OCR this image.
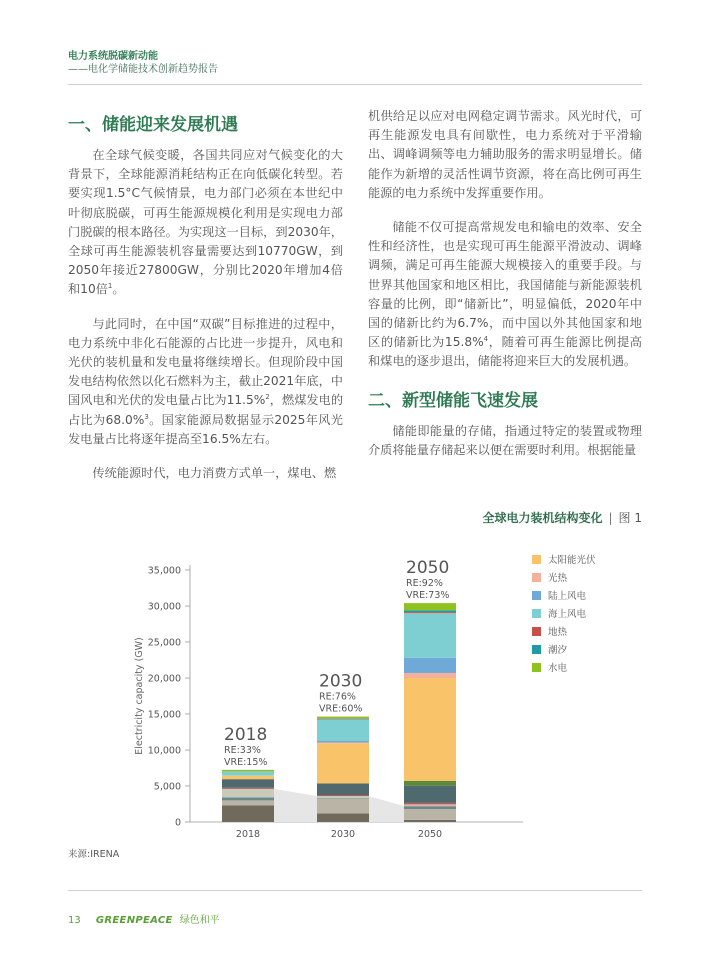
电力系统脱碳新动能
——电化学储能技术创新趋势报告
一、储能迎来发展机遇

在全球气候变暖，各国共同应对气候变化的大背景下，全球能源消耗结构正在向低碳化转型。若要实现1.5°C气候情景，电力部门必须在本世纪中叶彻底脱碳，可再生能源规模化利用是实现电力部门脱碳的根本路径。为实现这一目标，到2030年，全球可再生能源装机容量需要达到10770GW，到2050年接近27800GW，分别比2020年增加4倍和10倍$^1$。

与此同时，在中国“双碳”目标推进的过程中，电力系统中非化石能源的占比进一步提升，风电和光伏的装机量和发电量将继续增长。但现阶段中国发电结构依然以化石燃料为主，截止2021年底，中国风电和光伏的发电量占比为11.5%$^2$，燃煤发电的占比为68.0%$^3$。国家能源局数据显示2025年风光发电量占比将逐年提高至16.5%左右。

传统能源时代，电力消费方式单一，煤电、燃

机供给足以应对电网稳定调节需求。风光时代，可再生能源发电具有间歇性，电力系统对于平滑输出、调峰调频等电力辅助服务的需求明显增长。储能作为新增的灵活性调节资源，将在高比例可再生能源的电力系统中发挥重要作用。

储能不仅可提高常规发电和输电的效率、安全性和经济性，也是实现可再生能源平滑波动、调峰调频，满足可再生能源大规模接入的重要手段。与世界其他国家和地区相比，我国储能与新能源装机容量的比例，即“储新比”，明显偏低，2020年中国的储新比约为6.7%，而中国以外其他国家和地区的储新比为15.8%$^4$，随着可再生能源比例提高和煤电的逐步退出，储能将迎来巨大的发展机遇。

二、新型储能飞速发展

储能即能量的存储，指通过特定的装置或物理介质将能量存储起来以便在需要时利用。根据能量

全球电力装机结构变化 | 图 1
Electricity capacity (GW)
0
5,000
10,000
15,000
20,000
25,000
30,000
35,000
2018
2018
RE:33%
VRE:15%
2030
2030
RE:76%
VRE:60%
2050
2050
RE:92%
VRE:73%
太阳能光伏
光热
陆上风电
海上风电
地热
潮汐
水电
来源:IRENA
13 GREENPEACE 绿色和平
